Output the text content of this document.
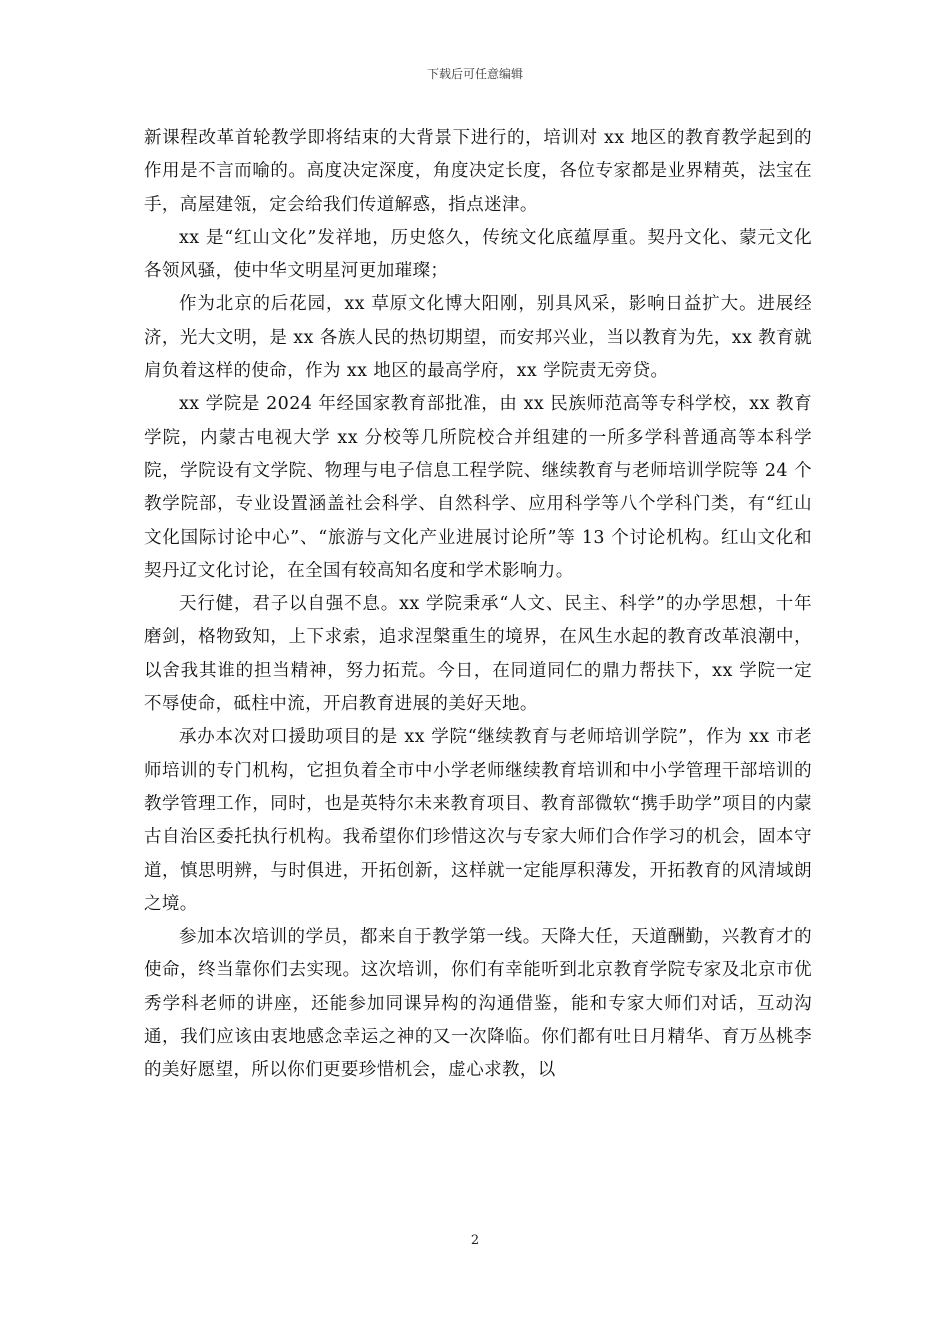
下载后可任意编辑

新课程改革首轮教学即将结束的大背景下进行的，培训对 xx 地区的教育教学起到的作用是不言而喻的。高度决定深度，角度决定长度，各位专家都是业界精英，法宝在手，高屋建瓴，定会给我们传道解惑，指点迷津。

xx 是“红山文化”发祥地，历史悠久，传统文化底蕴厚重。契丹文化、蒙元文化各领风骚，使中华文明星河更加璀璨；

作为北京的后花园，xx 草原文化博大阳刚，别具风采，影响日益扩大。进展经济，光大文明，是 xx 各族人民的热切期望，而安邦兴业，当以教育为先，xx 教育就肩负着这样的使命，作为 xx 地区的最高学府，xx 学院责无旁贷。

xx 学院是 2024 年经国家教育部批准，由 xx 民族师范高等专科学校，xx 教育学院，内蒙古电视大学 xx 分校等几所院校合并组建的一所多学科普通高等本科学院，学院设有文学院、物理与电子信息工程学院、继续教育与老师培训学院等 24 个教学院部，专业设置涵盖社会科学、自然科学、应用科学等八个学科门类，有“红山文化国际讨论中心”、“旅游与文化产业进展讨论所”等 13 个讨论机构。红山文化和契丹辽文化讨论，在全国有较高知名度和学术影响力。

天行健，君子以自强不息。xx 学院秉承“人文、民主、科学”的办学思想，十年磨剑，格物致知，上下求索，追求涅槃重生的境界，在风生水起的教育改革浪潮中，以舍我其谁的担当精神，努力拓荒。今日，在同道同仁的鼎力帮扶下，xx 学院一定不辱使命，砥柱中流，开启教育进展的美好天地。

承办本次对口援助项目的是 xx 学院“继续教育与老师培训学院”，作为 xx 市老师培训的专门机构，它担负着全市中小学老师继续教育培训和中小学管理干部培训的教学管理工作，同时，也是英特尔未来教育项目、教育部微软“携手助学”项目的内蒙古自治区委托执行机构。我希望你们珍惜这次与专家大师们合作学习的机会，固本守道，慎思明辨，与时俱进，开拓创新，这样就一定能厚积薄发，开拓教育的风清域朗之境。

参加本次培训的学员，都来自于教学第一线。天降大任，天道酬勤，兴教育才的使命，终当靠你们去实现。这次培训，你们有幸能听到北京教育学院专家及北京市优秀学科老师的讲座，还能参加同课异构的沟通借鉴，能和专家大师们对话，互动沟通，我们应该由衷地感念幸运之神的又一次降临。你们都有吐日月精华、育万丛桃李的美好愿望，所以你们更要珍惜机会，虚心求教，以

2
